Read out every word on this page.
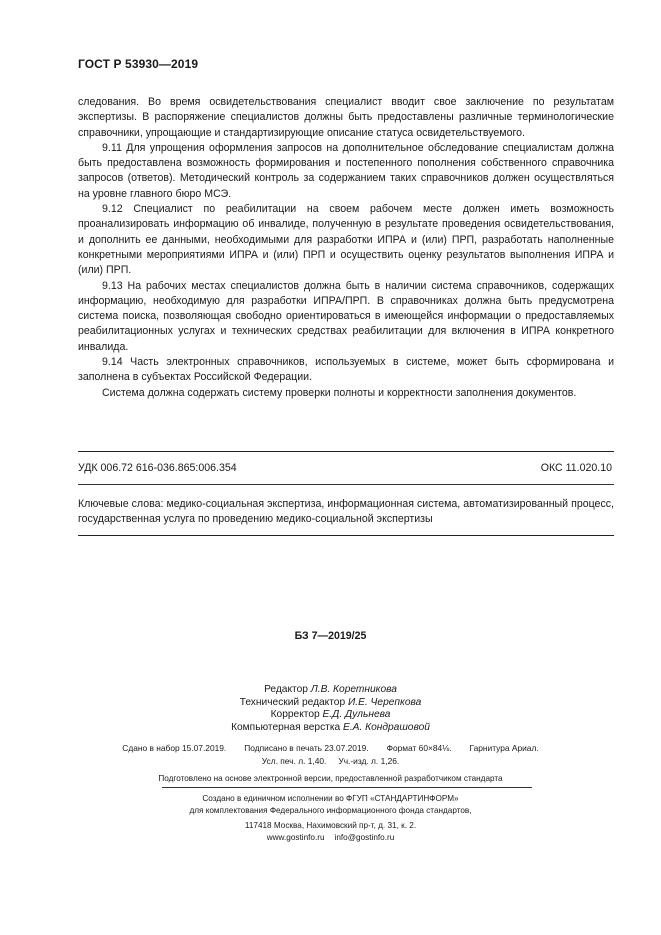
ГОСТ Р 53930—2019

следования. Во время освидетельствования специалист вводит свое заключение по результатам экспертизы. В распоряжение специалистов должны быть предоставлены различные терминологические справочники, упрощающие и стандартизирующие описание статуса освидетельствуемого.

9.11 Для упрощения оформления запросов на дополнительное обследование специалистам должна быть предоставлена возможность формирования и постепенного пополнения собственного справочника запросов (ответов). Методический контроль за содержанием таких справочников должен осуществляться на уровне главного бюро МСЭ.

9.12 Специалист по реабилитации на своем рабочем месте должен иметь возможность проанализировать информацию об инвалиде, полученную в результате проведения освидетельствования, и дополнить ее данными, необходимыми для разработки ИПРА и (или) ПРП, разработать наполненные конкретными мероприятиями ИПРА и (или) ПРП и осуществить оценку результатов выполнения ИПРА и (или) ПРП.

9.13 На рабочих местах специалистов должна быть в наличии система справочников, содержащих информацию, необходимую для разработки ИПРА/ПРП. В справочниках должна быть предусмотрена система поиска, позволяющая свободно ориентироваться в имеющейся информации о предоставляемых реабилитационных услугах и технических средствах реабилитации для включения в ИПРА конкретного инвалида.

9.14 Часть электронных справочников, используемых в системе, может быть сформирована и заполнена в субъектах Российской Федерации.

Система должна содержать систему проверки полноты и корректности заполнения документов.

УДК 006.72 616-036.865:006.354	ОКС 11.020.10
Ключевые слова: медико-социальная экспертиза, информационная система, автоматизированный процесс, государственная услуга по проведению медико-социальной экспертизы
БЗ 7—2019/25
Редактор Л.В. Коретникова
Технический редактор И.Е. Черепкова
Корректор Е.Д. Дульнева
Компьютерная верстка Е.А. Кондрашовой
Сдано в набор 15.07.2019. Подписано в печать 23.07.2019. Формат 60×84⅛. Гарнитура Ариал.
Усл. печ. л. 1,40. Уч.-изд. л. 1,26.
Подготовлено на основе электронной версии, предоставленной разработчиком стандарта
Создано в единичном исполнении во ФГУП «СТАНДАРТИНФОРМ»
для комплектования Федерального информационного фонда стандартов,
117418 Москва, Нахимовский пр-т, д. 31, к. 2.
www.gostinfo.ru info@gostinfo.ru
